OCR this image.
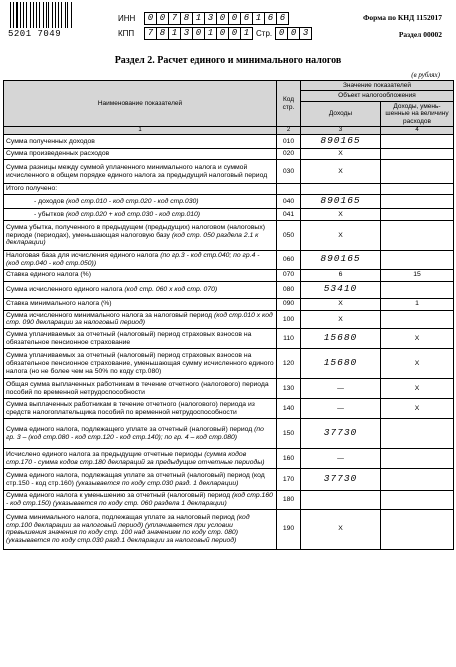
5201 7049
ИНН	0 0 7 8 1 3 0 0 6 1 6 6
КПП	7 8 1 3 0 1 0 0 1 Стр. 0 0 3
Форма по КНД 1152017
Раздел 00002
Раздел 2. Расчет единого и минимального налогов
(в рублях)
Наименование показателей	Код стр.	Значение показателей	
		Объект налогообложения	
		Доходы	Доходы, умень-шенные на величину расходов
1	2	3	4
Сумма полученных доходов	010	890165	
Сумма произведенных расходов	020	X	
Сумма разницы между суммой уплаченного минимального налога и суммой исчисленного в общем порядке единого налога за предыдущий налоговый период	030	X	
Итого получено:			
- доходов (код стр.010 - код стр.020 - код стр.030)	040	890165	
- убытков (код стр.020 + код стр.030 - код стр.010)	041	X	
Сумма убытка, полученного в предыдущем (предыдущих) налоговом (налоговых) периоде (периодах), уменьшающая налоговую базу (код стр. 050 раздела 2.1 к декларации)	050	X	
Налоговая база для исчисления единого налога (по гр.3 - код стр.040; по гр.4 - (код стр.040 - код стр.050))	060	890165	
Ставка единого налога (%)	070	6	15
Сумма исчисленного единого налога (код стр. 060 х код стр. 070)	080	53410	
Ставка минимального налога (%)	090	X	1
Сумма исчисленного минимального налога за налоговый период (код стр.010 х код стр. 090 декларации за налоговый период)	100	X	
Сумма уплачиваемых за отчетный (налоговый) период страховых взносов на обязательное пенсионное страхование	110	15680	X
Сумма уплачиваемых за отчетный (налоговый) период страховых взносов на обязательное пенсионное страхование, уменьшающая сумму исчисленного единого налога (но не более чем на 50% по коду стр.080)	120	15680	X
Общая сумма выплаченных работникам в течение отчетного (налогового) периода пособий по временной нетрудоспособности	130	—	X
Сумма выплаченных работникам в течение отчетного (налогового) периода из средств налогоплательщика пособий по временной нетрудоспособности	140	—	X
Сумма единого налога, подлежащего уплате за отчетный (налоговый) период (по гр. 3 – (код стр.080 - код стр.120 - код стр.140); по гр. 4 – код стр.080)	150	37730	
Исчислено единого налога за предыдущие отчетные периоды (сумма кодов стр.170 - сумма кодов стр.180 деклараций за предыдущие отчетные периоды)	160	—	
Сумма единого налога, подлежащая уплате за отчетный (налоговый) период (код стр.150 - код стр.160) (указывается по коду стр.030 разд. 1 декларации)	170	37730	
Сумма единого налога к уменьшению за отчетный (налоговый) период (код стр.160 - код стр.150) (указывается по коду стр. 060 раздела 1 декларации)	180		
Сумма минимального налога, подлежащая уплате за налоговый период (код стр.100 декларации за налоговый период) (уплачивается при условии превышения значения по коду стр. 100 над значением по коду стр. 080) (указывается по коду стр.030 разд.1 декларации за налоговый период)	190	X	
